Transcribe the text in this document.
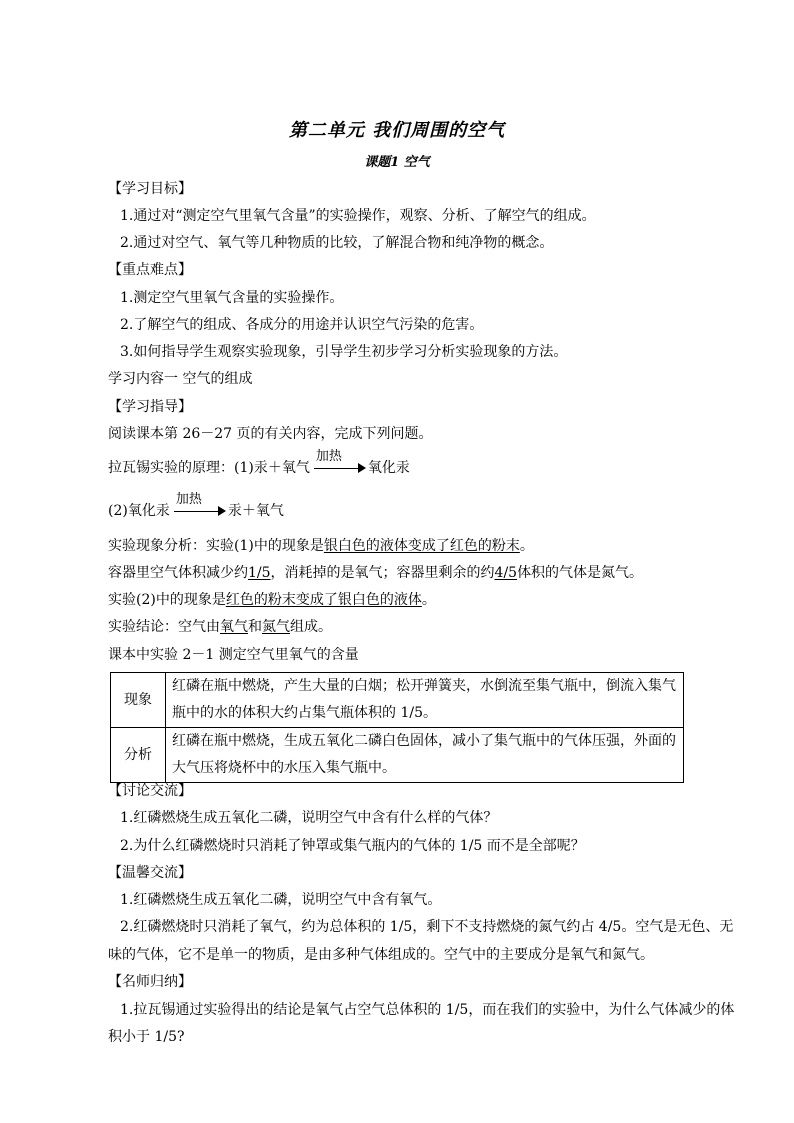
第二单元 我们周围的空气
课题1 空气
【学习目标】
1.通过对“测定空气里氧气含量”的实验操作，观察、分析、了解空气的组成。
2.通过对空气、氧气等几种物质的比较，了解混合物和纯净物的概念。
【重点难点】
1.测定空气里氧气含量的实验操作。
2.了解空气的组成、各成分的用途并认识空气污染的危害。
3.如何指导学生观察实验现象，引导学生初步学习分析实验现象的方法。
学习内容一 空气的组成
【学习指导】
阅读课本第 26－27 页的有关内容，完成下列问题。
拉瓦锡实验的原理：(1)汞＋氧气
加热
氧化汞
(2)氧化汞
加热
汞＋氧气
实验现象分析：实验(1)中的现象是银白色的液体变成了红色的粉末。
容器里空气体积减少约1/5，消耗掉的是氧气；容器里剩余的约4/5体积的气体是氮气。
实验(2)中的现象是红色的粉末变成了银白色的液体。
实验结论：空气由氧气和氮气组成。
课本中实验 2－1 测定空气里氧气的含量
现象	红磷在瓶中燃烧，产生大量的白烟；松开弹簧夹，水倒流至集气瓶中，倒流入集气瓶中的水的体积大约占集气瓶体积的 1/5。
分析	红磷在瓶中燃烧，生成五氧化二磷白色固体，减小了集气瓶中的气体压强，外面的大气压将烧杯中的水压入集气瓶中。
【讨论交流】
1.红磷燃烧生成五氧化二磷，说明空气中含有什么样的气体？
2.为什么红磷燃烧时只消耗了钟罩或集气瓶内的气体的 1/5 而不是全部呢？
【温馨交流】
1.红磷燃烧生成五氧化二磷，说明空气中含有氧气。
2.红磷燃烧时只消耗了氧气，约为总体积的 1/5，剩下不支持燃烧的氮气约占 4/5。空气是无色、无
味的气体，它不是单一的物质，是由多种气体组成的。空气中的主要成分是氧气和氮气。
【名师归纳】
1.拉瓦锡通过实验得出的结论是氧气占空气总体积的 1/5，而在我们的实验中，为什么气体减少的体
积小于 1/5?
